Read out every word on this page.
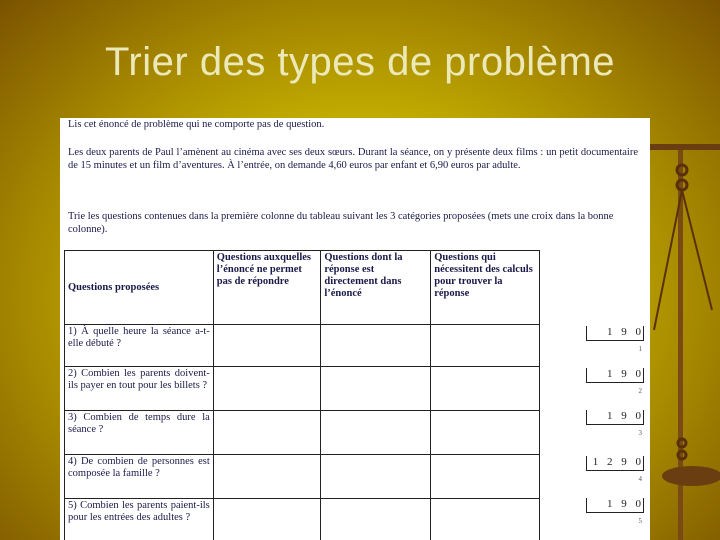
Trier des types de problème
Lis cet énoncé de problème qui ne comporte pas de question.
Les deux parents de Paul l’amènent au cinéma avec ses deux sœurs. Durant la séance, on y présente deux films : un petit documentaire de 15 minutes et un film d’aventures. À l’entrée, on demande 4,60 euros par enfant et 6,90 euros par adulte.
Trie les questions contenues dans la première colonne du tableau suivant les 3 catégories proposées (mets une croix dans la bonne colonne).
Questions proposées	Questions auxquelles l’énoncé ne permet pas de répondre	Questions dont la réponse est directement dans l’énoncé	Questions qui nécessitent des calculs pour trouver la réponse
1) À quelle heure la séance a-t-elle débuté ?			
2) Combien les parents doivent-ils payer en tout pour les billets ?			
3) Combien de temps dure la séance ?			
4) De combien de personnes est composée la famille ?			
5) Combien les parents paient-ils pour les entrées des adultes ?			
1 9 0
1
1 9 0
2
1 9 0
3
1 2 9 0
4
1 9 0
5
